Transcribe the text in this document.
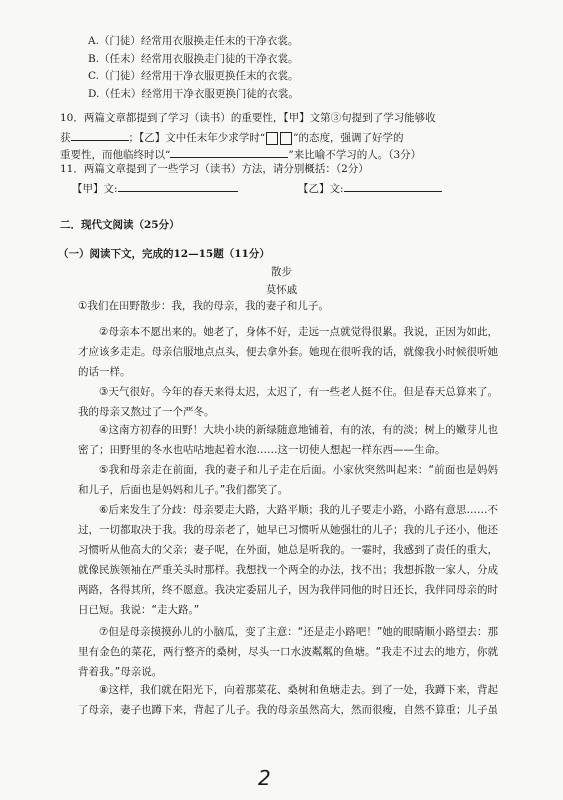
A.（门徒）经常用衣服换走任末的干净衣裳。
B.（任末）经常用衣服换走门徒的干净衣裳。
C.（门徒）经常用干净衣服更换任末的衣裳。
D.（任末）经常用干净衣服更换门徒的衣裳。
10．两篇文章都提到了学习（读书）的重要性，【甲】文第③句提到了学习能够收
获	；【乙】文中任末年少求学时“	”的态度，强调了好学的
重要性，而他临终时以“	”来比喻不学习的人。（3分）
11．两篇文章提到了一些学习（读书）方法，请分别概括：（2分）
【甲】文:	【乙】文:
二．现代文阅读（25分）
（一）阅读下文，完成的12—15题（11分）
散步
莫怀戚
①我们在田野散步：我，我的母亲，我的妻子和儿子。
②母亲本不愿出来的。她老了，身体不好，走远一点就觉得很累。我说，正因为如此，才应该多走走。母亲信服地点点头，便去拿外套。她现在很听我的话，就像我小时候很听她的话一样。
③天气很好。今年的春天来得太迟，太迟了，有一些老人挺不住。但是春天总算来了。我的母亲又熬过了一个严冬。
④这南方初春的田野！大块小块的新绿随意地铺着，有的浓，有的淡；树上的嫩芽儿也密了；田野里的冬水也咕咕地起着水泡……这一切使人想起一样东西——生命。
⑤我和母亲走在前面，我的妻子和儿子走在后面。小家伙突然叫起来：“前面也是妈妈和儿子，后面也是妈妈和儿子。”我们都笑了。
⑥后来发生了分歧：母亲要走大路，大路平顺；我的儿子要走小路，小路有意思……不过，一切都取决于我。我的母亲老了，她早已习惯听从她强壮的儿子；我的儿子还小，他还习惯听从他高大的父亲；妻子呢，在外面，她总是听我的。一霎时，我感到了责任的重大，就像民族领袖在严重关头时那样。我想找一个两全的办法，找不出；我想拆散一家人，分成两路，各得其所，终不愿意。我决定委屈儿子，因为我伴同他的时日还长，我伴同母亲的时日已短。我说：“走大路。”
⑦但是母亲摸摸孙儿的小脑瓜，变了主意：“还是走小路吧！”她的眼睛顺小路望去：那里有金色的菜花，两行整齐的桑树，尽头一口水波粼粼的鱼塘。“我走不过去的地方，你就背着我。”母亲说。
⑧这样，我们就在阳光下，向着那菜花、桑树和鱼塘走去。到了一处，我蹲下来，背起了母亲，妻子也蹲下来，背起了儿子。我的母亲虽然高大，然而很瘦，自然不算重；儿子虽
2
